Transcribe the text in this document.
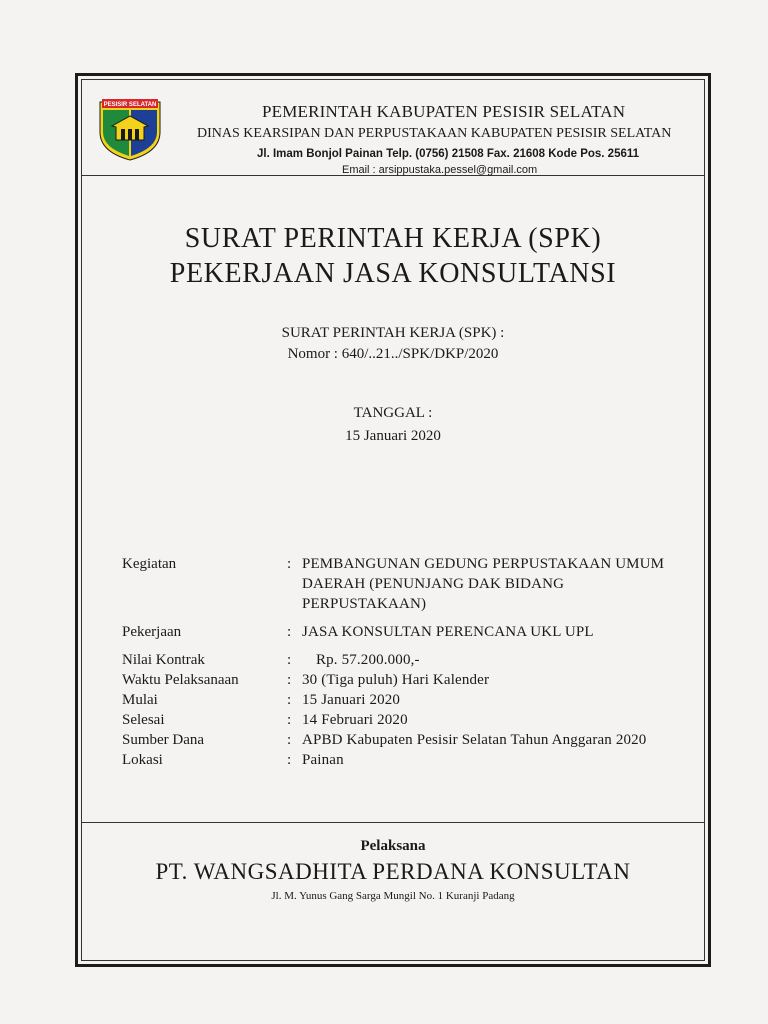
PESISIR SELATAN	PEMERINTAH KABUPATEN PESISIR SELATAN
DINAS KEARSIPAN DAN PERPUSTAKAAN KABUPATEN PESISIR SELATAN
Jl. Imam Bonjol Painan Telp. (0756) 21508 Fax. 21608 Kode Pos. 25611
Email : arsippustaka.pessel@gmail.com
SURAT PERINTAH KERJA (SPK)
PEKERJAAN JASA KONSULTANSI
SURAT PERINTAH KERJA (SPK) :
Nomor : 640/..21../SPK/DKP/2020
TANGGAL :
15 Januari 2020
Kegiatan	: PEMBANGUNAN GEDUNG PERPUSTAKAAN UMUM
DAERAH (PENUNJANG DAK BIDANG
PERPUSTAKAAN)
Pekerjaan	: JASA KONSULTAN PERENCANA UKL UPL
Nilai Kontrak	:	Rp. 57.200.000,-
Waktu Pelaksanaan	: 30 (Tiga puluh) Hari Kalender
Mulai	: 15 Januari 2020
Selesai	: 14 Februari 2020
Sumber Dana	: APBD Kabupaten Pesisir Selatan Tahun Anggaran 2020
Lokasi	: Painan
Pelaksana
PT. WANGSADHITA PERDANA KONSULTAN
Jl. M. Yunus Gang Sarga Mungil No. 1 Kuranji Padang
